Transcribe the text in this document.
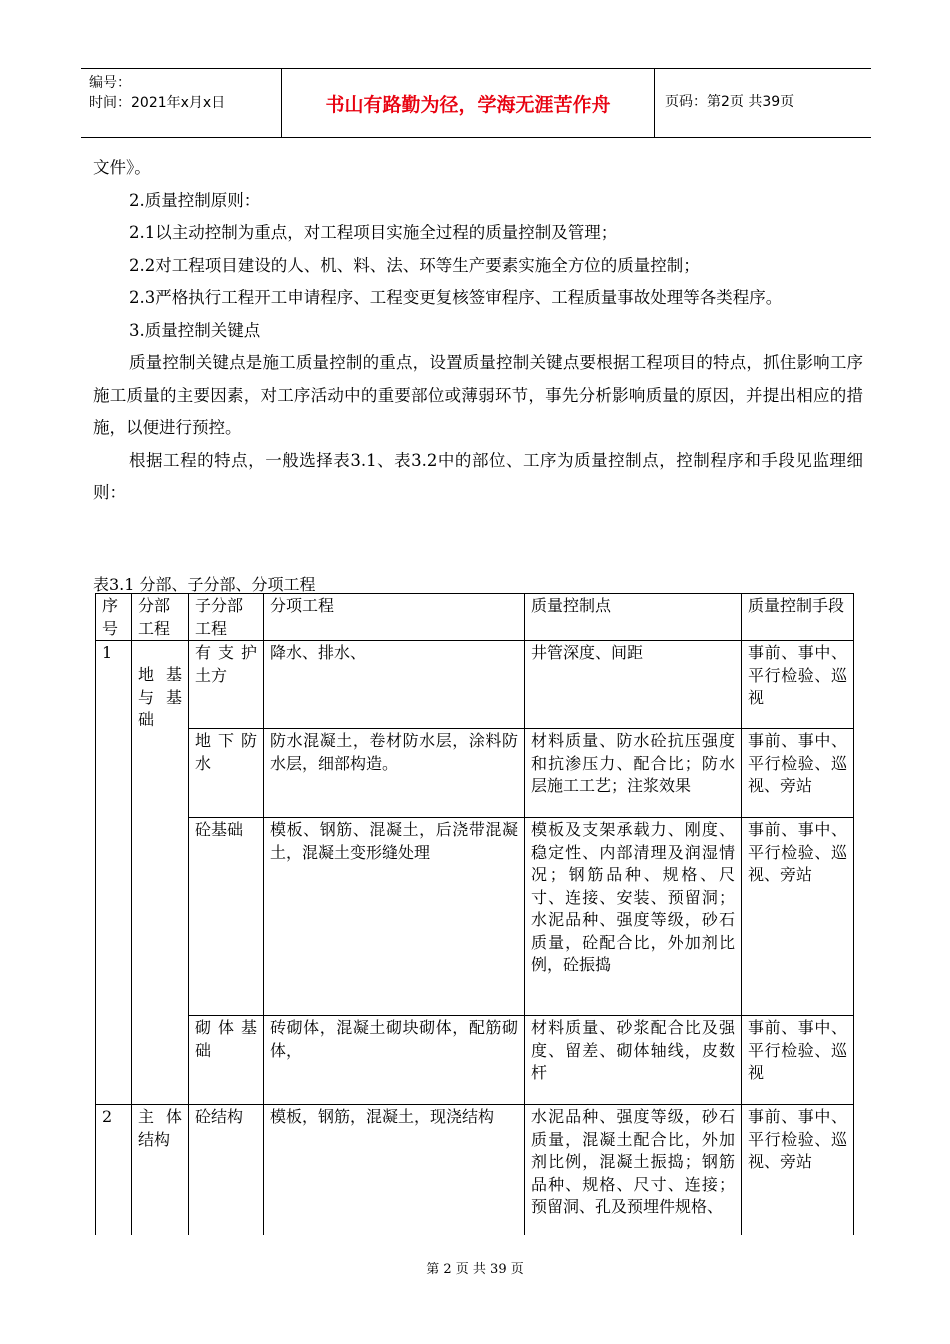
编号：
时间：2021年x月x日	书山有路勤为径，学海无涯苦作舟	页码：第2页 共39页

文件》。

2.质量控制原则：

2.1以主动控制为重点，对工程项目实施全过程的质量控制及管理；

2.2对工程项目建设的人、机、料、法、环等生产要素实施全方位的质量控制；

2.3严格执行工程开工申请程序、工程变更复核签审程序、工程质量事故处理等各类程序。

3.质量控制关键点

质量控制关键点是施工质量控制的重点，设置质量控制关键点要根据工程项目的特点，抓住影响工序施工质量的主要因素，对工序活动中的重要部位或薄弱环节，事先分析影响质量的原因，并提出相应的措施，以便进行预控。

根据工程的特点，一般选择表3.1、表3.2中的部位、工序为质量控制点，控制程序和手段见监理细则：

表3.1 分部、子分部、分项工程
序号	分部工程	子分部工程	分项工程	质量控制点	质量控制手段
1	地基与基础	有支护土方	降水、排水、	井管深度、间距	事前、事中、平行检验、巡视
		地下防水	防水混凝土，卷材防水层，涂料防水层，细部构造。	材料质量、防水砼抗压强度和抗渗压力、配合比；防水层施工工艺；注浆效果	事前、事中、平行检验、巡视、旁站
		砼基础	模板、钢筋、混凝土，后浇带混凝土，混凝土变形缝处理	模板及支架承载力、刚度、稳定性、内部清理及润湿情况；钢筋品种、规格、尺寸、连接、安装、预留洞；水泥品种、强度等级，砂石质量，砼配合比，外加剂比例，砼振捣	事前、事中、平行检验、巡视、旁站
		砌体基础	砖砌体，混凝土砌块砌体，配筋砌体，	材料质量、砂浆配合比及强度、留差、砌体轴线，皮数杆	事前、事中、平行检验、巡视
2	主体结构	砼结构	模板，钢筋，混凝土，现浇结构	水泥品种、强度等级，砂石质量，混凝土配合比，外加剂比例，混凝土振捣；钢筋品种、规格、尺寸、连接；预留洞、孔及预埋件规格、	事前、事中、平行检验、巡视、旁站
第 2 页 共 39 页
